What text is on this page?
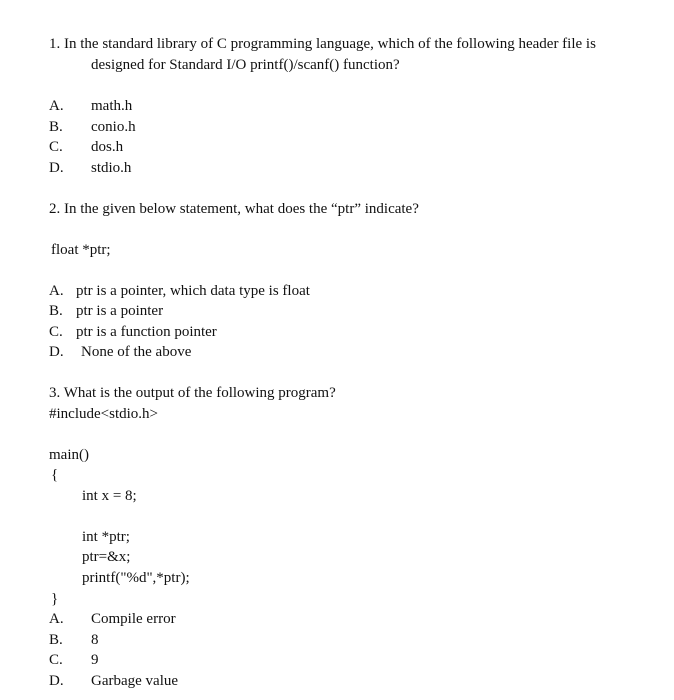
1. In the standard library of C programming language, which of the following header file is
designed for Standard I/O printf()/scanf() function?
A. math.h
B. conio.h
C. dos.h
D. stdio.h
2. In the given below statement, what does the “ptr” indicate?
float *ptr;
A. ptr is a pointer, which data type is float
B. ptr is a pointer
C. ptr is a function pointer
D. None of the above
3. What is the output of the following program?
#include<stdio.h>
main()
{
int x = 8;
int *ptr;
ptr=&x;
printf("%d",*ptr);
}
A. Compile error
B. 8
C. 9
D. Garbage value
